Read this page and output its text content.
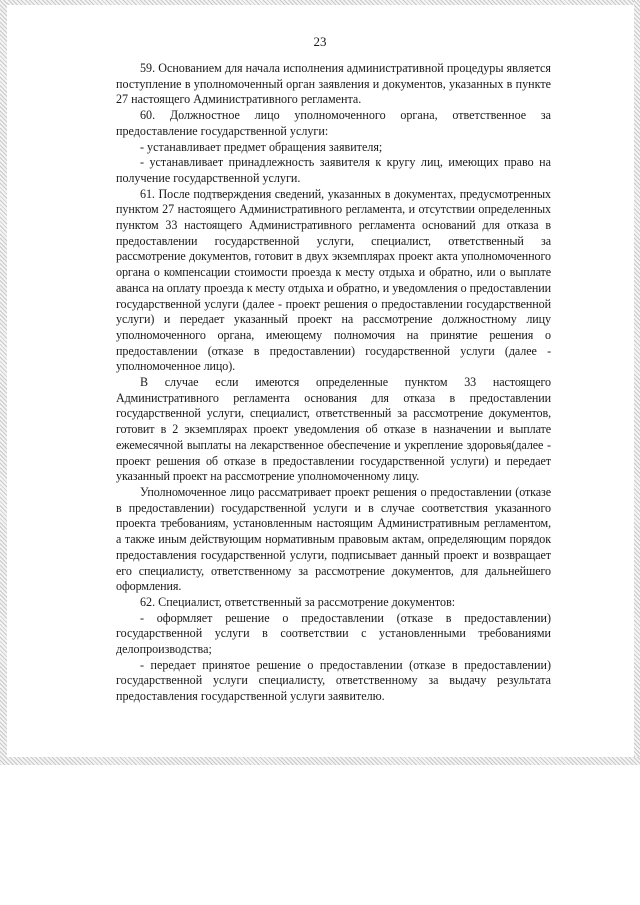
23

59. Основанием для начала исполнения административной процедуры является поступление в уполномоченный орган заявления и документов, указанных в пункте 27 настоящего Административного регламента.

60. Должностное лицо уполномоченного органа, ответственное за предоставление государственной услуги:

- устанавливает предмет обращения заявителя;

- устанавливает принадлежность заявителя к кругу лиц, имеющих право на получение государственной услуги.

61. После подтверждения сведений, указанных в документах, предусмотренных пунктом 27 настоящего Административного регламента, и отсутствии определенных пунктом 33 настоящего Административного регламента оснований для отказа в предоставлении государственной услуги, специалист, ответственный за рассмотрение документов, готовит в двух экземплярах проект акта уполномоченного органа о компенсации стоимости проезда к месту отдыха и обратно, или о выплате аванса на оплату проезда к месту отдыха и обратно, и уведомления о предоставлении государственной услуги (далее - проект решения о предоставлении государственной услуги) и передает указанный проект на рассмотрение должностному лицу уполномоченного органа, имеющему полномочия на принятие решения о предоставлении (отказе в предоставлении) государственной услуги (далее - уполномоченное лицо).

В случае если имеются определенные пунктом 33 настоящего Административного регламента основания для отказа в предоставлении государственной услуги, специалист, ответственный за рассмотрение документов, готовит в 2 экземплярах проект уведомления об отказе в назначении и выплате ежемесячной выплаты на лекарственное обеспечение и укрепление здоровья(далее - проект решения об отказе в предоставлении государственной услуги) и передает указанный проект на рассмотрение уполномоченному лицу.

Уполномоченное лицо рассматривает проект решения о предоставлении (отказе в предоставлении) государственной услуги и в случае соответствия указанного проекта требованиям, установленным настоящим Административным регламентом, а также иным действующим нормативным правовым актам, определяющим порядок предоставления государственной услуги, подписывает данный проект и возвращает его специалисту, ответственному за рассмотрение документов, для дальнейшего оформления.

62. Специалист, ответственный за рассмотрение документов:

- оформляет решение о предоставлении (отказе в предоставлении) государственной услуги в соответствии с установленными требованиями делопроизводства;

- передает принятое решение о предоставлении (отказе в предоставлении) государственной услуги специалисту, ответственному за выдачу результата предоставления государственной услуги заявителю.
